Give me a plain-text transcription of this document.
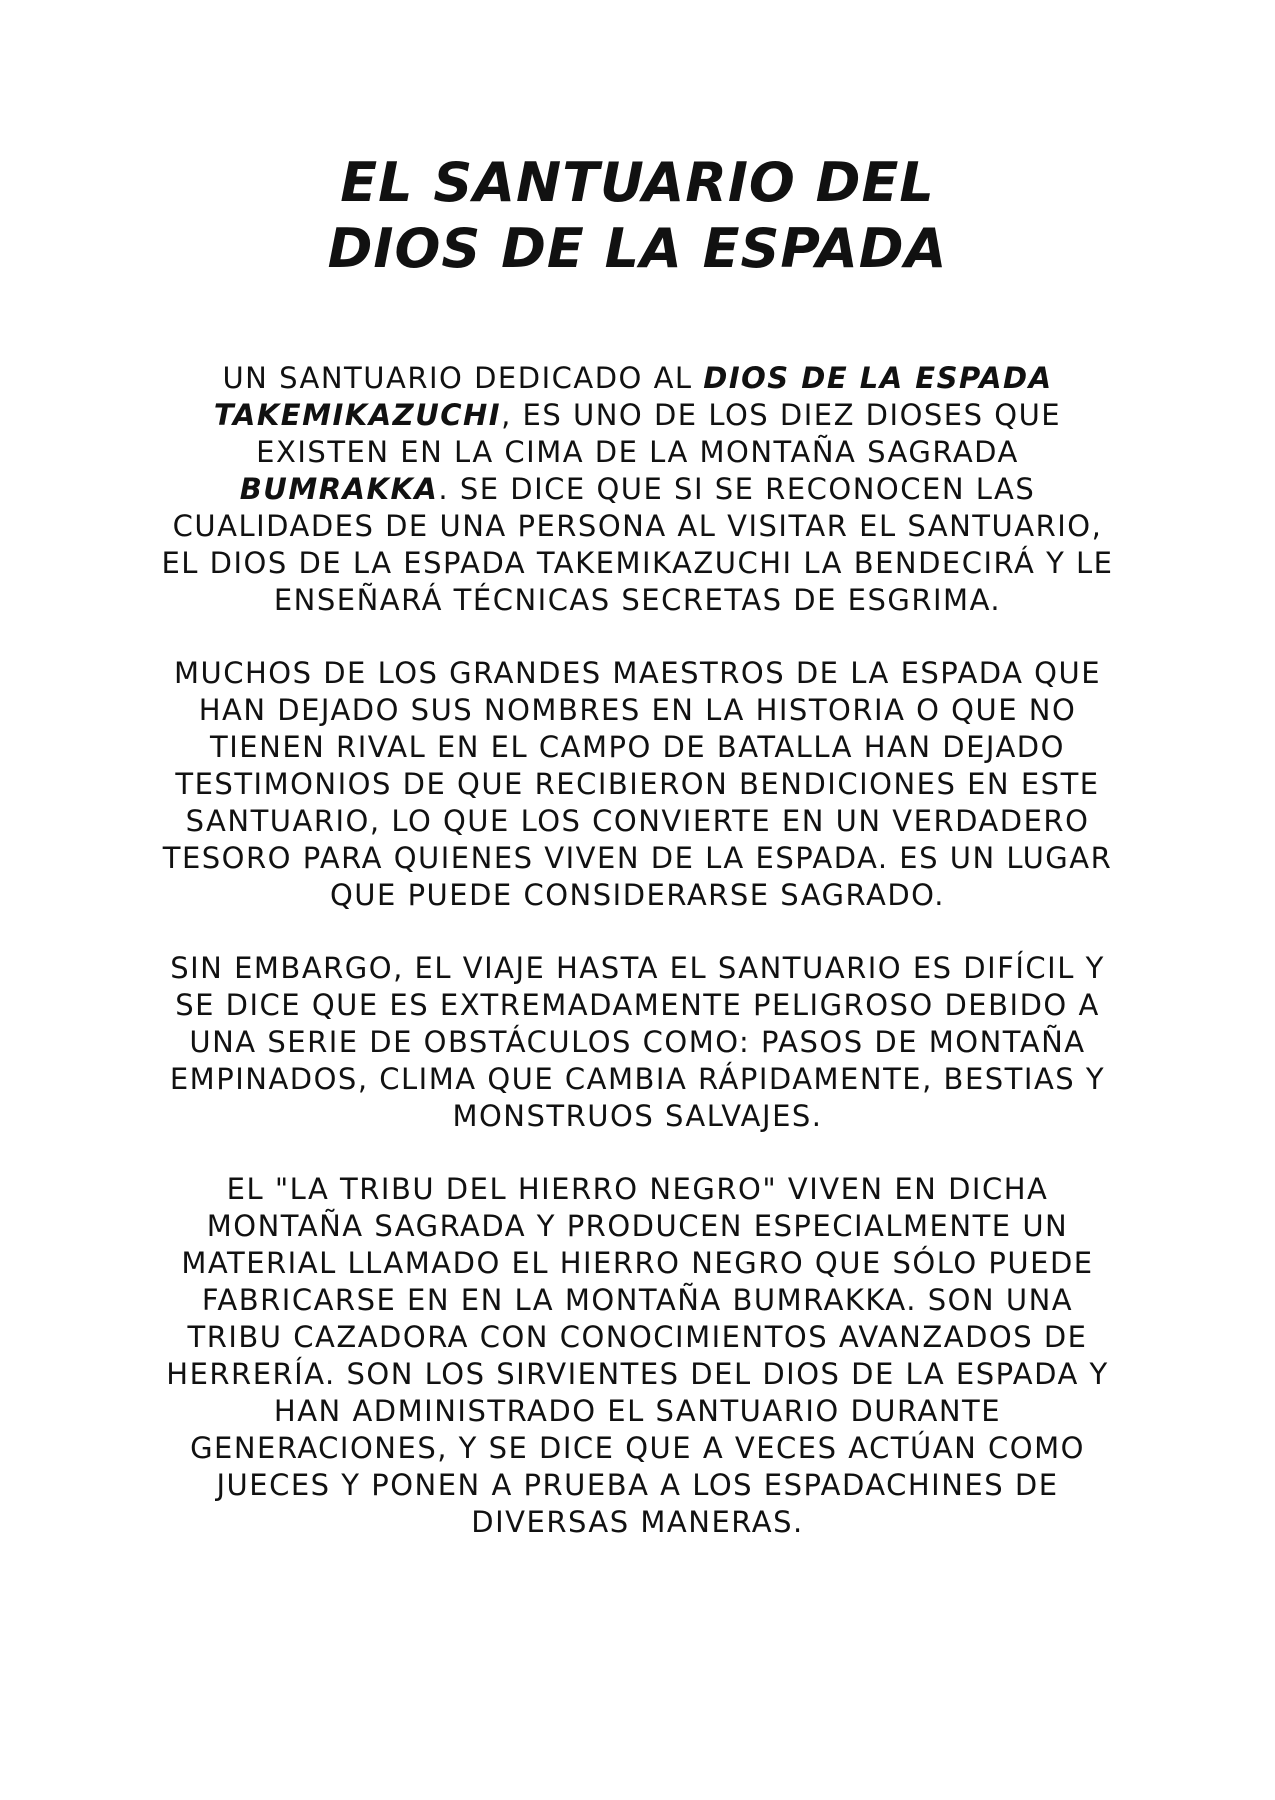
EL SANTUARIO DEL
DIOS DE LA ESPADA

UN SANTUARIO DEDICADO AL DIOS DE LA ESPADA TAKEMIKAZUCHI, ES UNO DE LOS DIEZ DIOSES QUE EXISTEN EN LA CIMA DE LA MONTAÑA SAGRADA BUMRAKKA. SE DICE QUE SI SE RECONOCEN LAS CUALIDADES DE UNA PERSONA AL VISITAR EL SANTUARIO, EL DIOS DE LA ESPADA TAKEMIKAZUCHI LA BENDECIRÁ Y LE ENSEÑARÁ TÉCNICAS SECRETAS DE ESGRIMA.

MUCHOS DE LOS GRANDES MAESTROS DE LA ESPADA QUE HAN DEJADO SUS NOMBRES EN LA HISTORIA O QUE NO TIENEN RIVAL EN EL CAMPO DE BATALLA HAN DEJADO TESTIMONIOS DE QUE RECIBIERON BENDICIONES EN ESTE SANTUARIO, LO QUE LOS CONVIERTE EN UN VERDADERO TESORO PARA QUIENES VIVEN DE LA ESPADA. ES UN LUGAR QUE PUEDE CONSIDERARSE SAGRADO.

SIN EMBARGO, EL VIAJE HASTA EL SANTUARIO ES DIFÍCIL Y SE DICE QUE ES EXTREMADAMENTE PELIGROSO DEBIDO A UNA SERIE DE OBSTÁCULOS COMO: PASOS DE MONTAÑA EMPINADOS, CLIMA QUE CAMBIA RÁPIDAMENTE, BESTIAS Y MONSTRUOS SALVAJES.

EL "LA TRIBU DEL HIERRO NEGRO" VIVEN EN DICHA MONTAÑA SAGRADA Y PRODUCEN ESPECIALMENTE UN MATERIAL LLAMADO EL HIERRO NEGRO QUE SÓLO PUEDE FABRICARSE EN EN LA MONTAÑA BUMRAKKA. SON UNA TRIBU CAZADORA CON CONOCIMIENTOS AVANZADOS DE HERRERÍA. SON LOS SIRVIENTES DEL DIOS DE LA ESPADA Y HAN ADMINISTRADO EL SANTUARIO DURANTE GENERACIONES, Y SE DICE QUE A VECES ACTÚAN COMO JUECES Y PONEN A PRUEBA A LOS ESPADACHINES DE DIVERSAS MANERAS.
